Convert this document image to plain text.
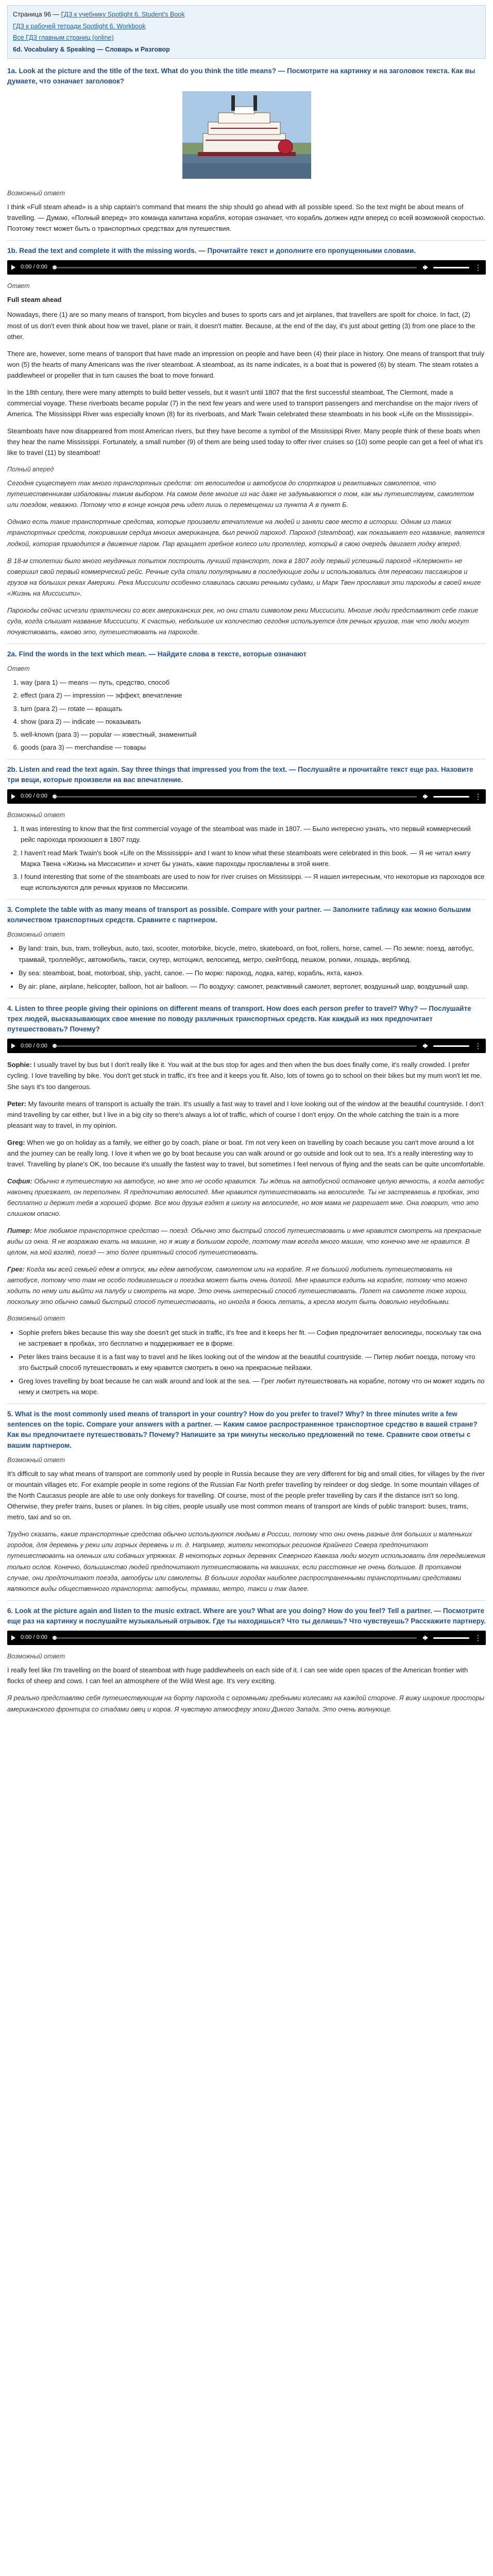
Страница 96 — ГДЗ к учебнику Spotlight 6. Student's Book
ГДЗ к рабочей тетради Spotlight 6. Workbook
Все ГДЗ главным страниц (online)
6d. Vocabulary & Speaking — Словарь и Разговор
1a. Look at the picture and the title of the text. What do you think the title means? — Посмотрите на картинку и на заголовок текста. Как вы думаете, что означает заголовок?
Возможный ответ

I think «Full steam ahead» is a ship captain's command that means the ship should go ahead with all possible speed. So the text might be about means of travelling. — Думаю, «Полный вперед» это команда капитана корабля, которая означает, что корабль должен идти вперед со всей возможной скоростью. Поэтому текст может быть о транспортных средствах для путешествия.

1b. Read the text and complete it with the missing words. — Прочитайте текст и дополните его пропущенными словами.
0:00 / 0:00	⋮
Ответ
Full steam ahead

Nowadays, there (1) are so many means of transport, from bicycles and buses to sports cars and jet airplanes, that travellers are spoilt for choice. In fact, (2) most of us don't even think about how we travel, plane or train, it doesn't matter. Because, at the end of the day, it's just about getting (3) from one place to the other.

There are, however, some means of transport that have made an impression on people and have been (4) their place in history. One means of transport that truly won (5) the hearts of many Americans was the river steamboat. A steamboat, as its name indicates, is a boat that is powered (6) by steam. The steam rotates a paddlewheel or propeller that in turn causes the boat to move forward.

In the 18th century, there were many attempts to build better vessels, but it wasn't until 1807 that the first successful steamboat, The Clermont, made a commercial voyage. These riverboats became popular (7) in the next few years and were used to transport passengers and merchandise on the major rivers of America. The Mississippi River was especially known (8) for its riverboats, and Mark Twain celebrated these steamboats in his book «Life on the Mississippi».

Steamboats have now disappeared from most American rivers, but they have become a symbol of the Mississippi River. Many people think of these boats when they hear the name Mississippi. Fortunately, a small number (9) of them are being used today to offer river cruises so (10) some people can get a feel of what it's like to travel (11) by steamboat!

Полный вперед

Сегодня существует так много транспортных средств: от велосипедов и автобусов до спорткаров и реактивных самолетов, что путешественникам избалованы таким выбором. На самом деле многие из нас даже не задумываются о том, как мы путешествуем, самолетом или поездом, неважно. Потому что в конце концов речь идет лишь о перемещении из пункта А в пункт Б.

Однако есть такие транспортные средства, которые произвели впечатление на людей и заняли свое место в истории. Одним из таких транспортных средств, покорившим сердца многих американцев, был речной пароход. Пароход (steamboat), как показывает его название, является лодкой, которая приводится в движение паром. Пар вращает гребное колесо или пропеллер, который в свою очередь двигает лодку вперед.

В 18-м столетии было много неудачных попыток построить лучший транспорт, пока в 1807 году первый успешный пароход «Клермонт» не совершил свой первый коммерческий рейс. Речные суда стали популярными в последующие годы и использовались для перевозки пассажиров и грузов на больших реках Америки. Река Миссисипи особенно славилась своими речными судами, и Марк Твен прославил эти пароходы в своей книге «Жизнь на Миссисипи».

Пароходы сейчас исчезли практически со всех американских рек, но они стали символом реки Миссисипи. Многие люди представляют себе такие суда, когда слышат название Миссисипи. К счастью, небольшое их количество сегодня используется для речных круизов, так что люди могут почувствовать, каково это, путешествовать на пароходе.

2a. Find the words in the text which mean. — Найдите слова в тексте, которые означают
Ответ
1. way (para 1) — means — путь, средство, способ
2. effect (para 2) — impression — эффект, впечатление
3. turn (para 2) — rotate — вращать
4. show (para 2) — indicate — показывать
5. well-known (para 3) — popular — известный, знаменитый
6. goods (para 3) — merchandise — товары
2b. Listen and read the text again. Say three things that impressed you from the text. — Послушайте и прочитайте текст еще раз. Назовите три вещи, которые произвели на вас впечатление.
0:00 / 0:00	⋮
Возможный ответ
1. It was interesting to know that the first commercial voyage of the steamboat was made in 1807. — Было интересно узнать, что первый коммерческий рейс парохода произошел в 1807 году.
2. I haven't read Mark Twain's book «Life on the Mississippi» and I want to know what these steamboats were celebrated in this book. — Я не читал книгу Марка Твена «Жизнь на Миссисипи» и хочет бы узнать, какие пароходы прославлены в этой книге.
3. I found interesting that some of the steamboats are used to now for river cruises on Mississippi. — Я нашел интересным, что некоторые из пароходов все еще используются для речных круизов по Миссисипи.
3. Complete the table with as many means of transport as possible. Compare with your partner. — Заполните таблицу как можно большим количеством транспортных средств. Сравните с партнером.
Возможный ответ
• By land: train, bus, tram, trolleybus, auto, taxi, scooter, motorbike, bicycle, metro, skateboard, on foot, rollers, horse, camel. — По земле: поезд, автобус, трамвай, троллейбус, автомобиль, такси, скутер, мотоцикл, велосипед, метро, скейтборд, пешком, ролики, лошадь, верблюд.
• By sea: steamboat, boat, motorboat, ship, yacht, canoe. — По морю: пароход, лодка, катер, корабль, яхта, каноэ.
• By air: plane, airplane, helicopter, balloon, hot air balloon. — По воздуху: самолет, реактивный самолет, вертолет, воздушный шар, воздушный шар.
4. Listen to three people giving their opinions on different means of transport. How does each person prefer to travel? Why? — Послушайте трех людей, высказывающих свое мнение по поводу различных транспортных средств. Как каждый из них предпочитает путешествовать? Почему?
0:00 / 0:00	⋮

Sophie: I usually travel by bus but I don't really like it. You wait at the bus stop for ages and then when the bus does finally come, it's really crowded. I prefer cycling. I love travelling by bike. You don't get stuck in traffic, it's free and it keeps you fit. Also, lots of towns go to school on their bikes but my mum won't let me. She says it's too dangerous.

Peter: My favourite means of transport is actually the train. It's usually a fast way to travel and I love looking out of the window at the beautiful countryside. I don't mind travelling by car either, but I live in a big city so there's always a lot of traffic, which of course I don't enjoy. On the whole catching the train is a more pleasant way to travel, in my opinion.

Greg: When we go on holiday as a family, we either go by coach, plane or boat. I'm not very keen on travelling by coach because you can't move around a lot and the journey can be really long. I love it when we go by boat because you can walk around or go outside and look out to sea. It's a really interesting way to travel. Travelling by plane's OK, too because it's usually the fastest way to travel, but sometimes I feel nervous of flying and the seats can be quite uncomfortable.

София: Обычно я путешествую на автобусе, но мне это не особо нравится. Ты ждешь на автобусной остановке целую вечность, а когда автобус наконец приезжает, он переполнен. Я предпочитаю велосипед. Мне нравится путешествовать на велосипеде. Ты не застреваешь в пробках, это бесплатно и держит тебя в хорошей форме. Все мои друзья ездят в школу на велосипеде, но моя мама не разрешает мне. Она говорит, что это слишком опасно.

Питер: Мое любимое транспортное средство — поезд. Обычно это быстрый способ путешествовать и мне нравится смотреть на прекрасные виды из окна. Я не возражаю ехать на машине, но я живу в большом городе, поэтому там всегда много машин, что конечно мне не нравится. В целом, на мой взгляд, поезд — это более приятный способ путешествовать.

Грег: Когда мы всей семьей едем в отпуск, мы едем автобусом, самолетом или на корабле. Я не большой любитель путешествовать на автобусе, потому что там не особо подвигаешься и поездка может быть очень долгой. Мне нравится ездить на корабле, потому что можно ходить по нему или выйти на палубу и смотреть на море. Это очень интересный способ путешествовать. Полет на самолете тоже хорош, поскольку это обычно самый быстрый способ путешествовать, но иногда я боюсь летать, а кресла могут быть довольно неудобными.

Возможный ответ
• Sophie prefers bikes because this way she doesn't get stuck in traffic, it's free and it keeps her fit. — София предпочитает велосипеды, поскольку так она не застревает в пробках, это бесплатно и поддерживает ее в форме.
• Peter likes trains because it is a fast way to travel and he likes looking out of the window at the beautiful countryside. — Питер любит поезда, потому что это быстрый способ путешествовать и ему нравится смотреть в окно на прекрасные пейзажи.
• Greg loves travelling by boat because he can walk around and look at the sea. — Грег любит путешествовать на корабле, потому что он может ходить по нему и смотреть на море.
5. What is the most commonly used means of transport in your country? How do you prefer to travel? Why? In three minutes write a few sentences on the topic. Compare your answers with a partner. — Каким самое распространенное транспортное средство в вашей стране? Как вы предпочитаете путешествовать? Почему? Напишите за три минуты несколько предложений по теме. Сравните свои ответы с вашим партнером.
Возможный ответ

It's difficult to say what means of transport are commonly used by people in Russia because they are very different for big and small cities, for villages by the river or mountain villages etc. For example people in some regions of the Russian Far North prefer travelling by reindeer or dog sledge. In some mountain villages of the North Caucasus people are able to use only donkeys for travelling. Of course, most of the people prefer travelling by cars if the distance isn't so long. Otherwise, they prefer trains, buses or planes. In big cities, people usually use most common means of transport are kinds of public transport: buses, trams, metro, taxi and so on.

Трудно сказать, какие транспортные средства обычно используются людьми в России, потому что они очень разные для больших и маленьких городов, для деревень у реки или горных деревень и т. д. Например, жители некоторых регионов Крайнего Севера предпочитают путешествовать на оленьих или собачьих упряжках. В некоторых горных деревнях Северного Кавказа люди могут использовать для передвижения только ослов. Конечно, большинство людей предпочитают путешествовать на машинах, если расстояние не очень большое. В противном случае, они предпочитают поезда, автобусы или самолеты. В больших городах наиболее распространенными транспортными средствами являются виды общественного транспорта: автобусы, трамваи, метро, такси и так далее.

6. Look at the picture again and listen to the music extract. Where are you? What are you doing? How do you feel? Tell a partner. — Посмотрите еще раз на картинку и послушайте музыкальный отрывок. Где ты находишься? Что ты делаешь? Что чувствуешь? Расскажите партнеру.
0:00 / 0:00	⋮
Возможный ответ

I really feel like I'm travelling on the board of steamboat with huge paddlewheels on each side of it. I can see wide open spaces of the American frontier with flocks of sheep and cows. I can feel an atmosphere of the Wild West age. It's very exciting.

Я реально представляю себя путешествующим на борту парохода с огромными гребными колесами на каждой стороне. Я вижу широкие просторы американского фронтира со стадами овец и коров. Я чувствую атмосферу эпохи Дикого Запада. Это очень волнующе.
